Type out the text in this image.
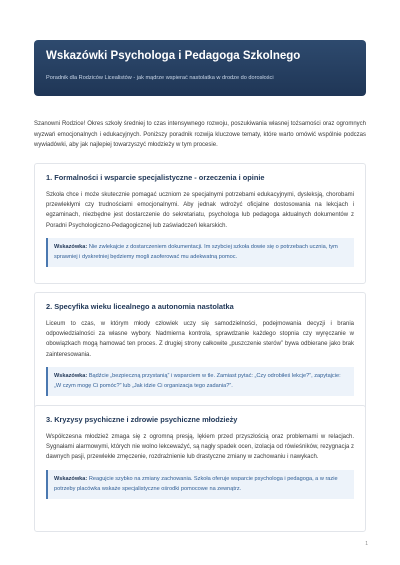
Wskazówki Psychologa i Pedagoga Szkolnego
Poradnik dla Rodziców Licealistów - jak mądrze wspierać nastolatka w drodze do dorosłości

Szanowni Rodzice! Okres szkoły średniej to czas intensywnego rozwoju, poszukiwania własnej tożsamości oraz ogromnych wyzwań emocjonalnych i edukacyjnych. Poniższy poradnik rozwija kluczowe tematy, które warto omówić wspólnie podczas wywiadówki, aby jak najlepiej towarzyszyć młodzieży w tym procesie.

1. Formalności i wsparcie specjalistyczne - orzeczenia i opinie

Szkoła chce i może skutecznie pomagać uczniom ze specjalnymi potrzebami edukacyjnymi, dysleksją, chorobami przewlekłymi czy trudnościami emocjonalnymi. Aby jednak wdrożyć oficjalne dostosowania na lekcjach i egzaminach, niezbędne jest dostarczenie do sekretariatu, psychologa lub pedagoga aktualnych dokumentów z Poradni Psychologiczno-Pedagogicznej lub zaświadczeń lekarskich.

Wskazówka: Nie zwlekajcie z dostarczeniem dokumentacji. Im szybciej szkoła dowie się o potrzebach ucznia, tym sprawniej i dyskretniej będziemy mogli zaoferować mu adekwatną pomoc.
2. Specyfika wieku licealnego a autonomia nastolatka

Liceum to czas, w którym młody człowiek uczy się samodzielności, podejmowania decyzji i brania odpowiedzialności za własne wybory. Nadmierna kontrola, sprawdzanie każdego stopnia czy wyręczanie w obowiązkach mogą hamować ten proces. Z drugiej strony całkowite „puszczenie sterów” bywa odbierane jako brak zainteresowania.

Wskazówka: Bądźcie „bezpieczną przystanią” i wsparciem w tle. Zamiast pytać: „Czy odrobiłeś lekcje?”, zapytajcie: „W czym mogę Ci pomóc?” lub „Jak idzie Ci organizacja tego zadania?”.
3. Kryzysy psychiczne i zdrowie psychiczne młodzieży

Współczesna młodzież zmaga się z ogromną presją, lękiem przed przyszłością oraz problemami w relacjach. Sygnałami alarmowymi, których nie wolno lekceważyć, są nagły spadek ocen, izolacja od rówieśników, rezygnacja z dawnych pasji, przewlekłe zmęczenie, rozdrażnienie lub drastyczne zmiany w zachowaniu i nawykach.

Wskazówka: Reagujcie szybko na zmiany zachowania. Szkoła oferuje wsparcie psychologa i pedagoga, a w razie potrzeby placówka wskaże specjalistyczne ośrodki pomocowe na zewnątrz.
1
